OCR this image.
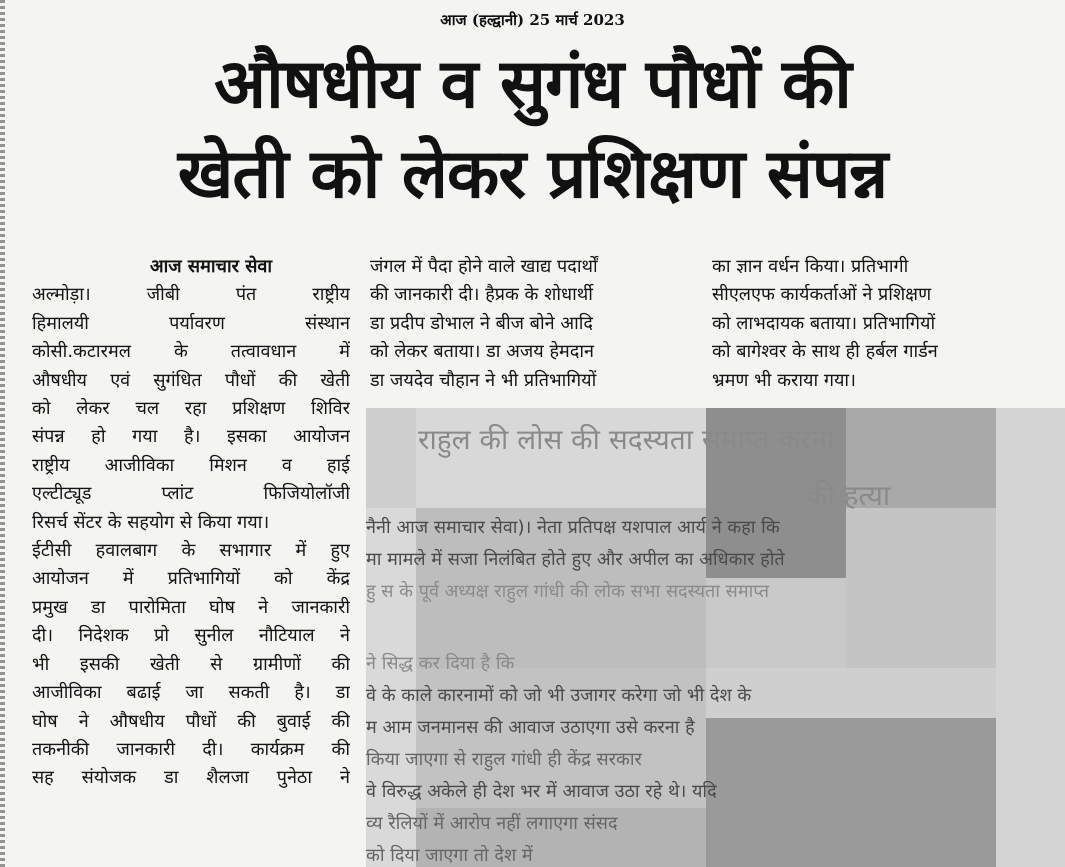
आज (हल्द्वानी) 25 मार्च 2023
औषधीय व सुगंध पौधों की
खेती को लेकर प्रशिक्षण संपन्न
आज समाचार सेवा
अल्मोड़ा। जीबी पंत राष्ट्रीय
हिमालयी पर्यावरण संस्थान
कोसी.कटारमल के तत्वावधान में
औषधीय एवं सुगंधित पौधों की खेती
को लेकर चल रहा प्रशिक्षण शिविर
संपन्न हो गया है। इसका आयोजन
राष्ट्रीय आजीविका मिशन व हाई
एल्टीट्यूड प्लांट फिजियोलॉजी
रिसर्च सेंटर के सहयोग से किया गया।
ईटीसी हवालबाग के सभागार में हुए
आयोजन में प्रतिभागियों को केंद्र
प्रमुख डा पारोमिता घोष ने जानकारी
दी। निदेशक प्रो सुनील नौटियाल ने
भी इसकी खेती से ग्रामीणों की
आजीविका बढाई जा सकती है। डा
घोष ने औषधीय पौधों की बुवाई की
तकनीकी जानकारी दी। कार्यक्रम की
सह संयोजक डा शैलजा पुनेठा ने
जंगल में पैदा होने वाले खाद्य पदार्थों
की जानकारी दी। हैप्रक के शोधार्थी
डा प्रदीप डोभाल ने बीज बोने आदि
को लेकर बताया। डा अजय हेमदान
डा जयदेव चौहान ने भी प्रतिभागियों
का ज्ञान वर्धन किया। प्रतिभागी
सीएलएफ कार्यकर्ताओं ने प्रशिक्षण
को लाभदायक बताया। प्रतिभागियों
को बागेश्वर के साथ ही हर्बल गार्डन
भ्रमण भी कराया गया।
राहुल की लोस की सदस्यता समाप्त करना
की हत्या
नैनी आज समाचार सेवा)। नेता प्रतिपक्ष यशपाल आर्य ने कहा कि
मा मामले में सजा निलंबित होते हुए और अपील का अधिकार होते
हु स के पूर्व अध्यक्ष राहुल गांधी की लोक सभा सदस्यता समाप्त
ने सिद्ध कर दिया है कि
वे के काले कारनामों को जो भी उजागर करेगा जो भी देश के
म आम जनमानस की आवाज उठाएगा उसे करना है
किया जाएगा से राहुल गांधी ही केंद्र सरकार
वे विरुद्ध अकेले ही देश भर में आवाज उठा रहे थे। यदि
व्य रैलियों में आरोप नहीं लगाएगा संसद
को दिया जाएगा तो देश में
